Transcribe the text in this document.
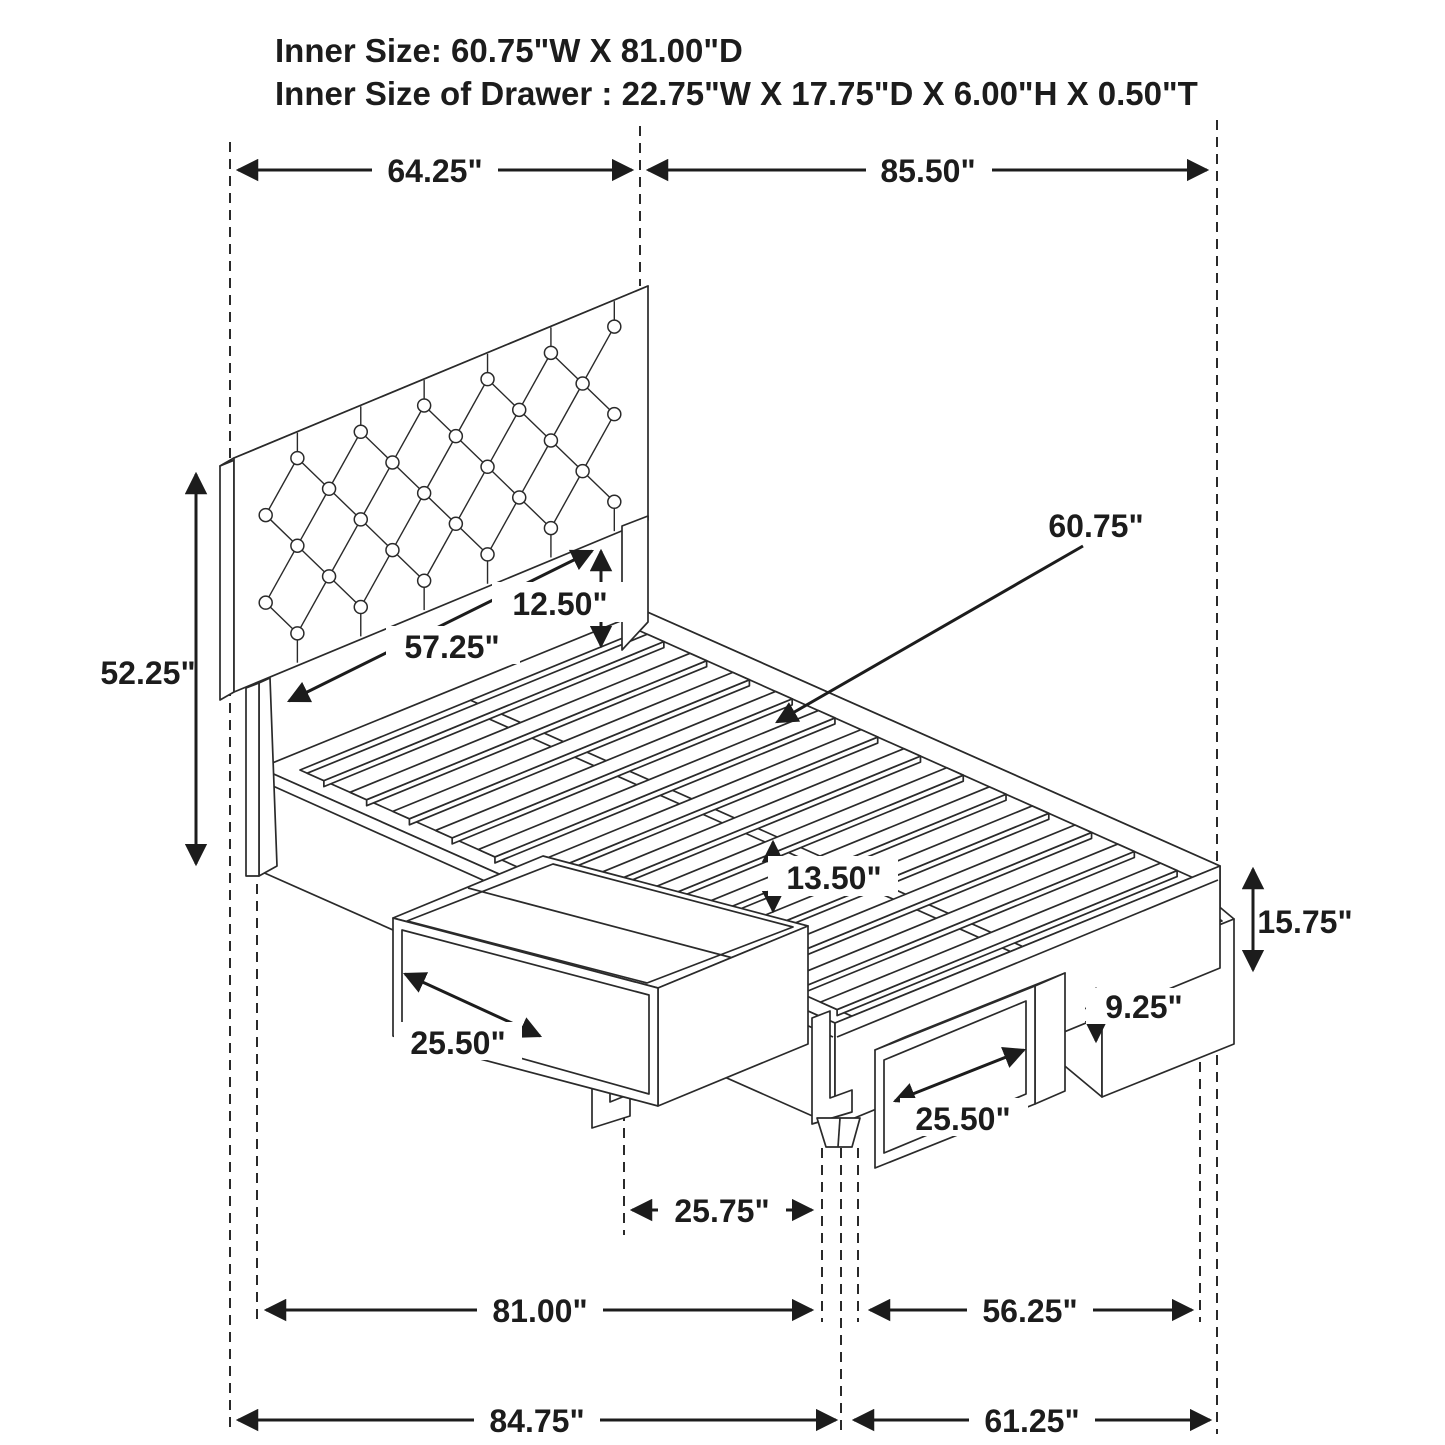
64.25"	85.50"
52.25"
57.25"
12.50"
60.75"
13.50"
15.75"
9.25"
25.50"
25.50"
25.75"
81.00"	56.25"
84.75"	61.25"
Inner Size: 60.75"W X 81.00"D
Inner Size of Drawer : 22.75"W X 17.75"D X 6.00"H X 0.50"T
